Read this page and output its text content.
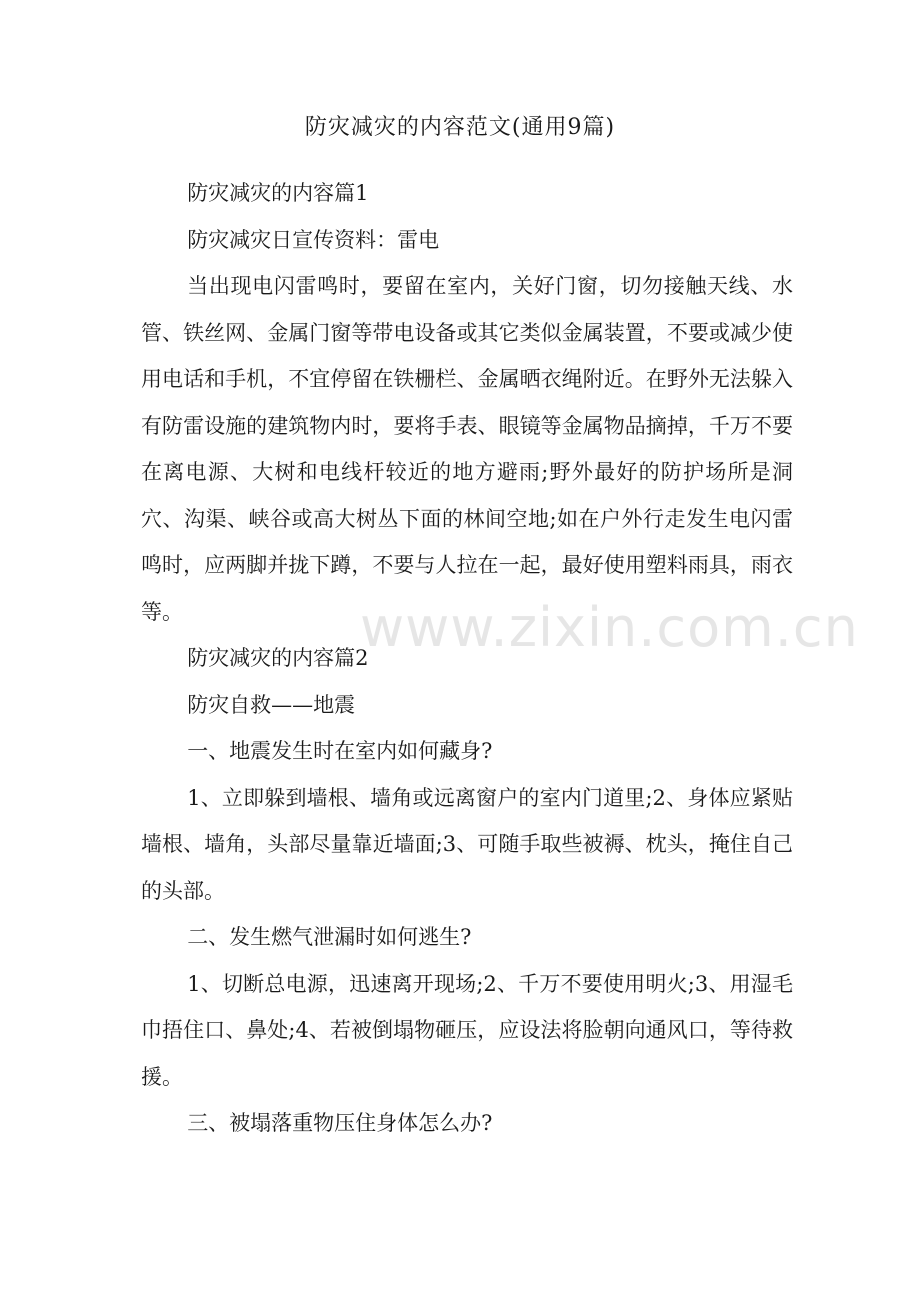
防灾减灾的内容范文(通用9篇)

防灾减灾的内容篇1

防灾减灾日宣传资料：雷电

当出现电闪雷鸣时，要留在室内，关好门窗，切勿接触天线、水管、铁丝网、金属门窗等带电设备或其它类似金属装置，不要或减少使用电话和手机，不宜停留在铁栅栏、金属晒衣绳附近。在野外无法躲入有防雷设施的建筑物内时，要将手表、眼镜等金属物品摘掉，千万不要在离电源、大树和电线杆较近的地方避雨;野外最好的防护场所是洞穴、沟渠、峡谷或高大树丛下面的林间空地;如在户外行走发生电闪雷鸣时，应两脚并拢下蹲，不要与人拉在一起，最好使用塑料雨具，雨衣等。

防灾减灾的内容篇2

防灾自救——地震

一、地震发生时在室内如何藏身?

1、立即躲到墙根、墙角或远离窗户的室内门道里;2、身体应紧贴墙根、墙角，头部尽量靠近墙面;3、可随手取些被褥、枕头，掩住自己的头部。

二、发生燃气泄漏时如何逃生?

1、切断总电源，迅速离开现场;2、千万不要使用明火;3、用湿毛巾捂住口、鼻处;4、若被倒塌物砸压，应设法将脸朝向通风口，等待救援。

三、被塌落重物压住身体怎么办?

www.zixin.com.cn
